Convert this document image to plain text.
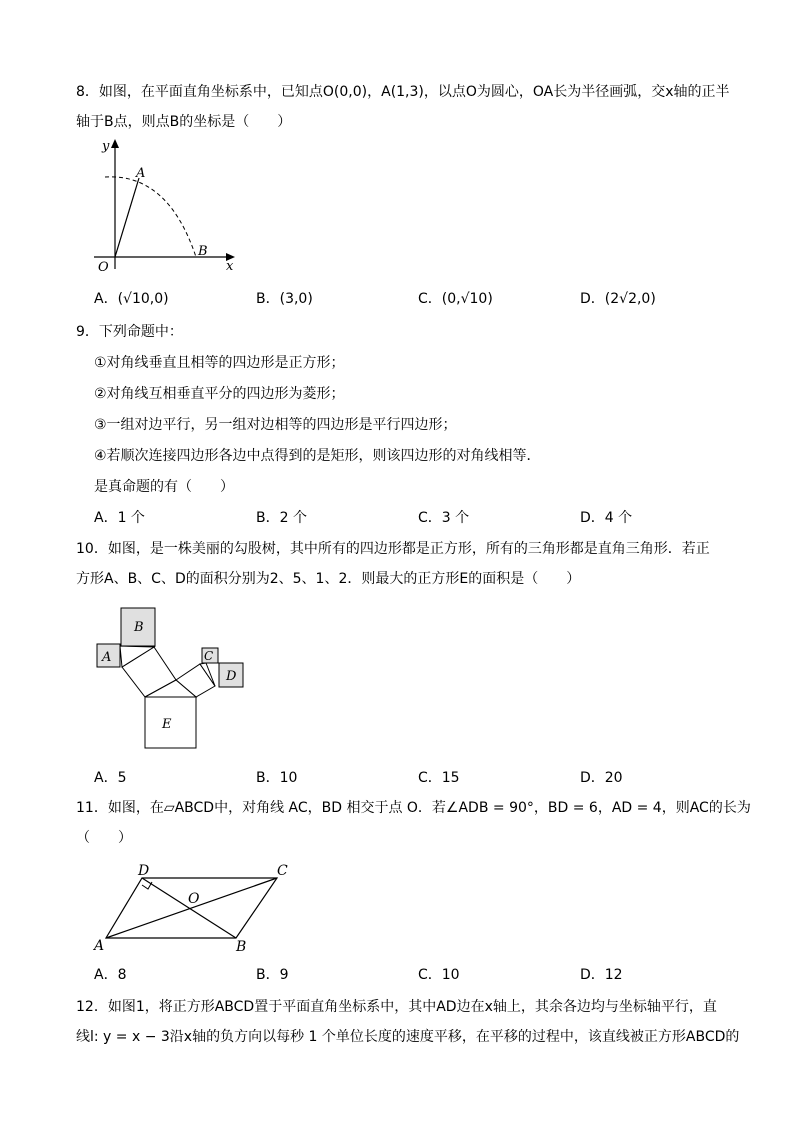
8．如图，在平面直角坐标系中，已知点O(0,0)，A(1,3)，以点O为圆心，OA长为半径画弧，交x轴的正半
轴于B点，则点B的坐标是（　　）
y
x
A
B
O
A．(√10,0)	B．(3,0)	C．(0,√10)	D．(2√2,0)
9．下列命题中：
①对角线垂直且相等的四边形是正方形；
②对角线互相垂直平分的四边形为菱形；
③一组对边平行，另一组对边相等的四边形是平行四边形；
④若顺次连接四边形各边中点得到的是矩形，则该四边形的对角线相等．
是真命题的有（　　）
A．1 个	B．2 个	C．3 个	D．4 个
10．如图，是一株美丽的勾股树，其中所有的四边形都是正方形，所有的三角形都是直角三角形．若正
方形A、B、C、D的面积分别为2、5、1、2．则最大的正方形E的面积是（　　）
A
B
C
D
E
A．5	B．10	C．15	D．20
11．如图，在▱ABCD中，对角线 AC，BD 相交于点 O．若∠ADB = 90°，BD = 6，AD = 4，则AC的长为
（　　）
A	B
C
D
O
A．8	B．9	C．10	D．12
12．如图1，将正方形ABCD置于平面直角坐标系中，其中AD边在x轴上，其余各边均与坐标轴平行，直
线l: y = x − 3沿x轴的负方向以每秒 1 个单位长度的速度平移，在平移的过程中，该直线被正方形ABCD的
